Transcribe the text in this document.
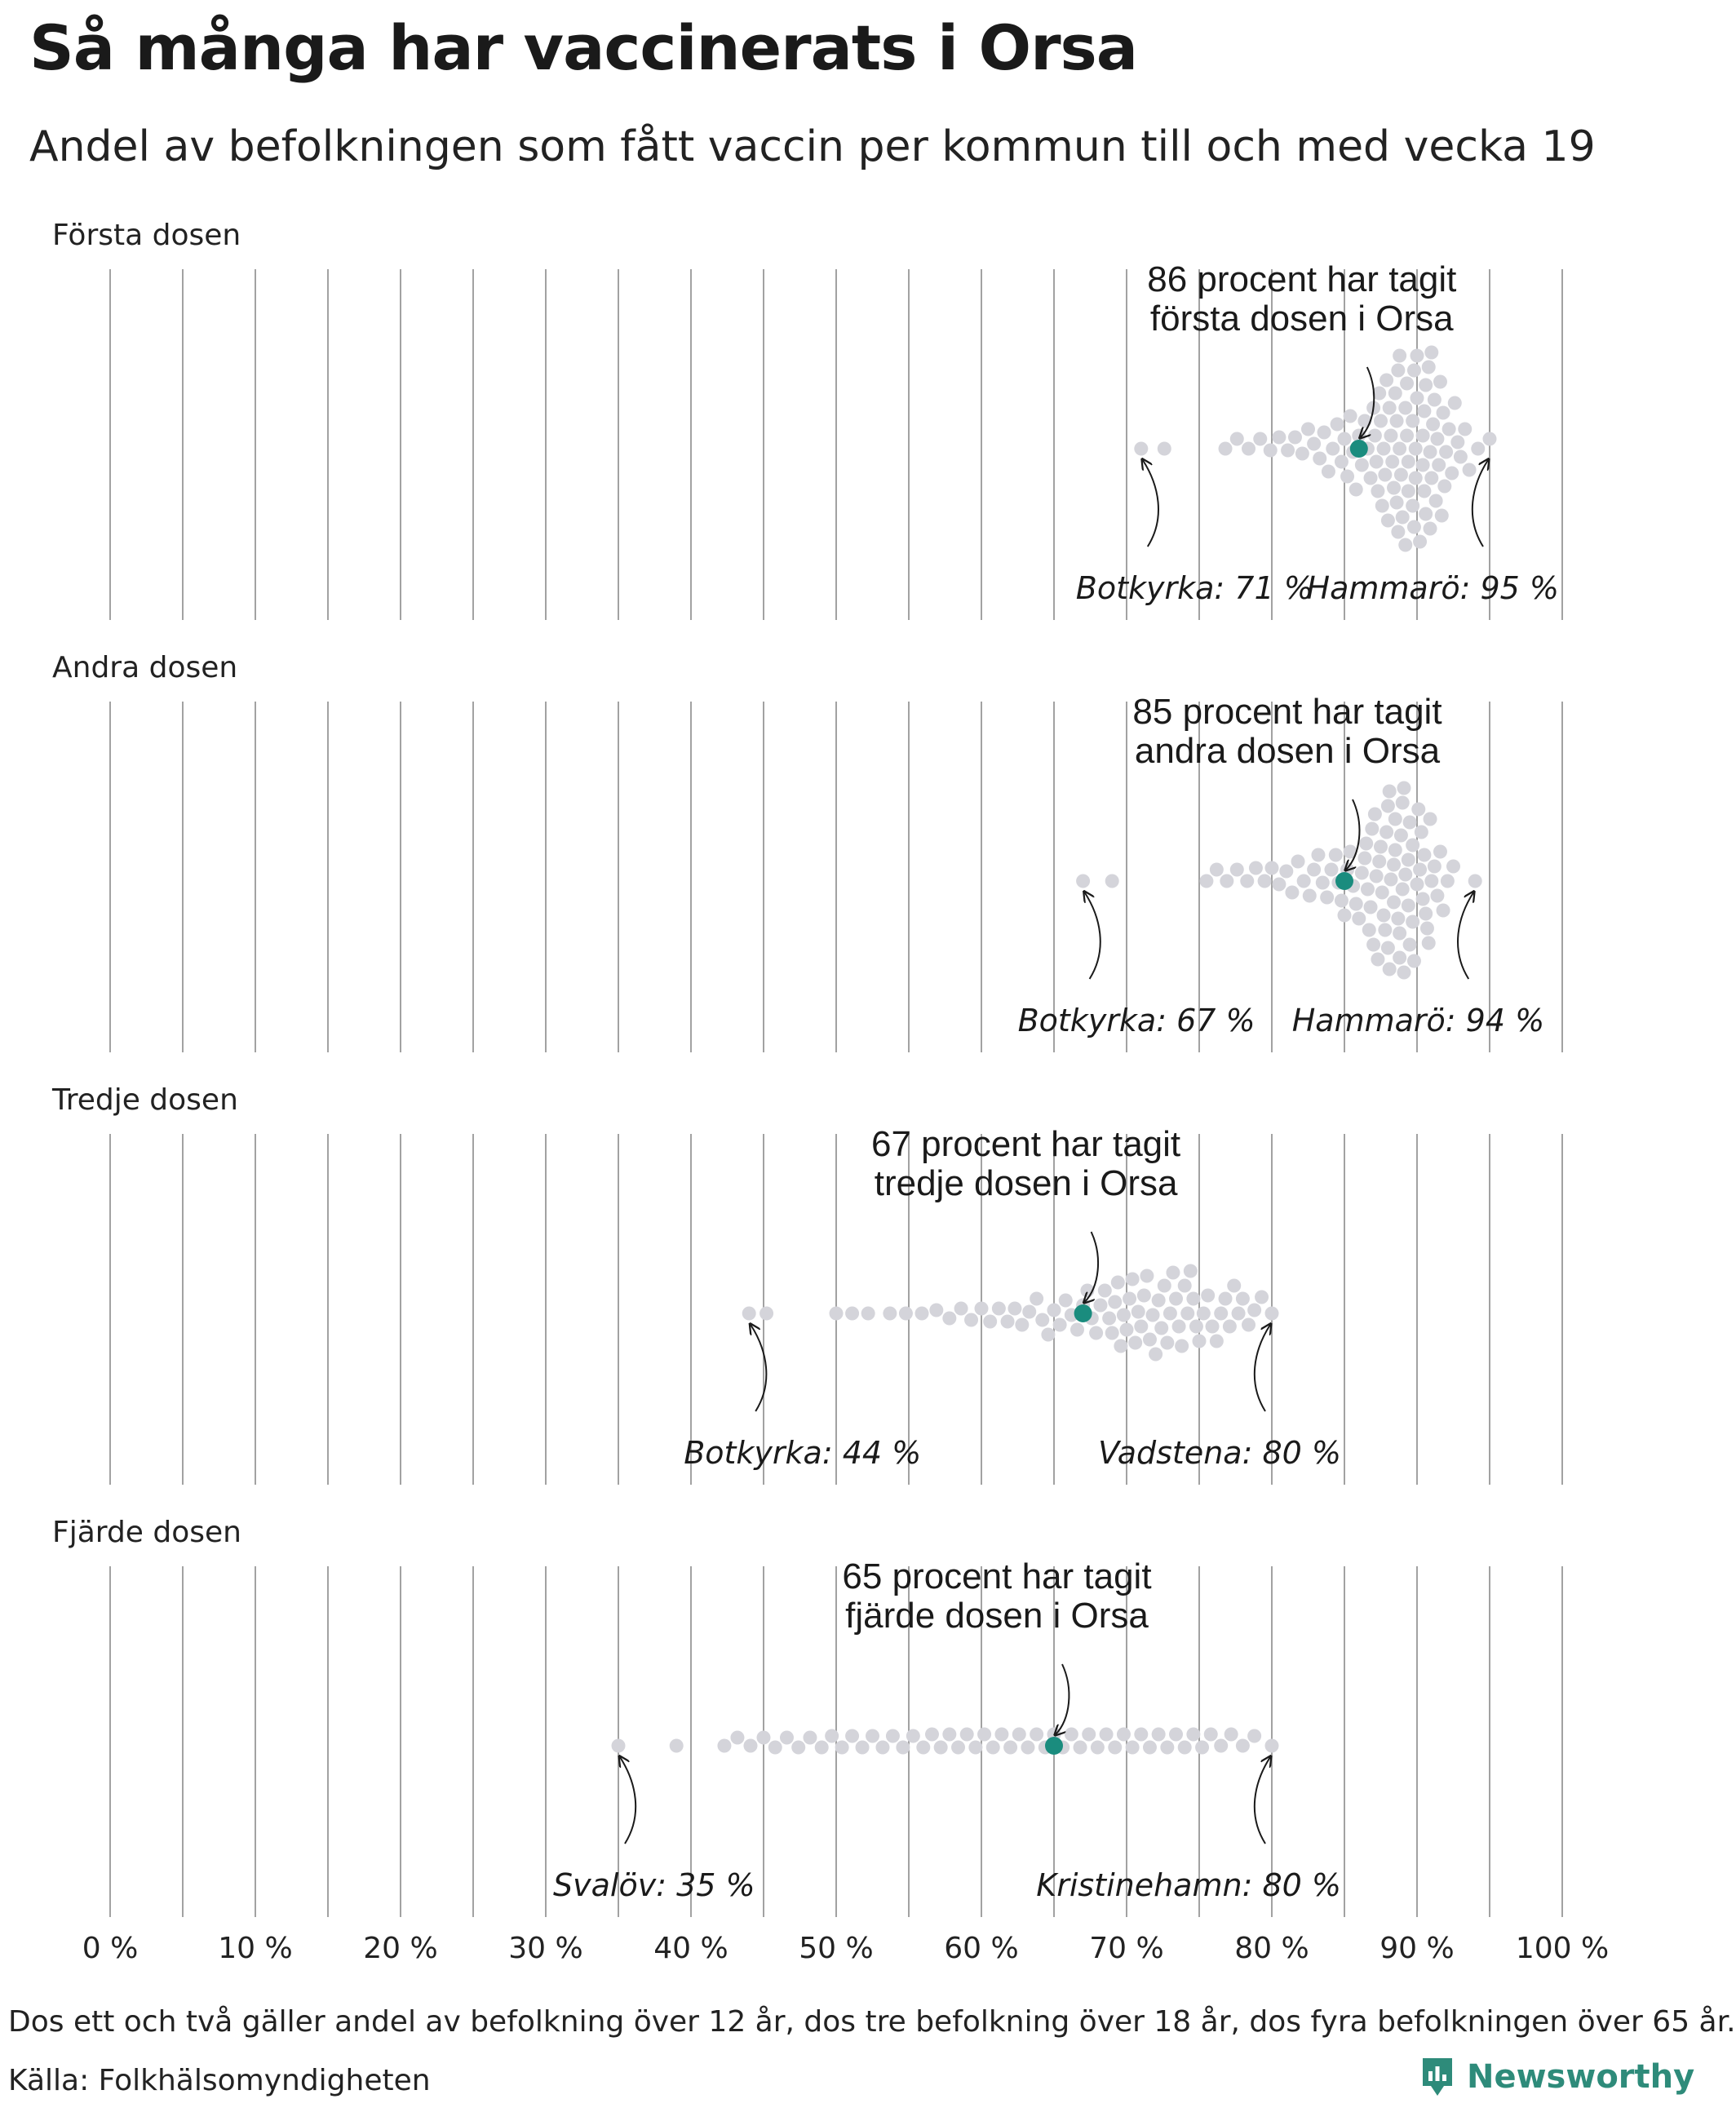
Så många har vaccinerats i Orsa
Andel av befolkningen som fått vaccin per kommun till och med vecka 19
Första dosen
86 procent har tagit
första dosen i Orsa
Botkyrka: 71 %
Hammarö: 95 %
Andra dosen
85 procent har tagit
andra dosen i Orsa
Botkyrka: 67 % Hammarö: 94 %
Tredje dosen
67 procent har tagit
tredje dosen i Orsa
Botkyrka: 44 %	Vadstena: 80 %
Fjärde dosen
65 procent har tagit
fjärde dosen i Orsa
Svalöv: 35 %	Kristinehamn: 80 %
0 %	10 % 20 % 30 % 40 % 50 % 60 % 70 % 80 % 90 % 100 %
Dos ett och två gäller andel av befolkning över 12 år, dos tre befolkning över 18 år, dos fyra befolkningen över 65 år.
Källa: Folkhälsomyndigheten	Newsworthy
